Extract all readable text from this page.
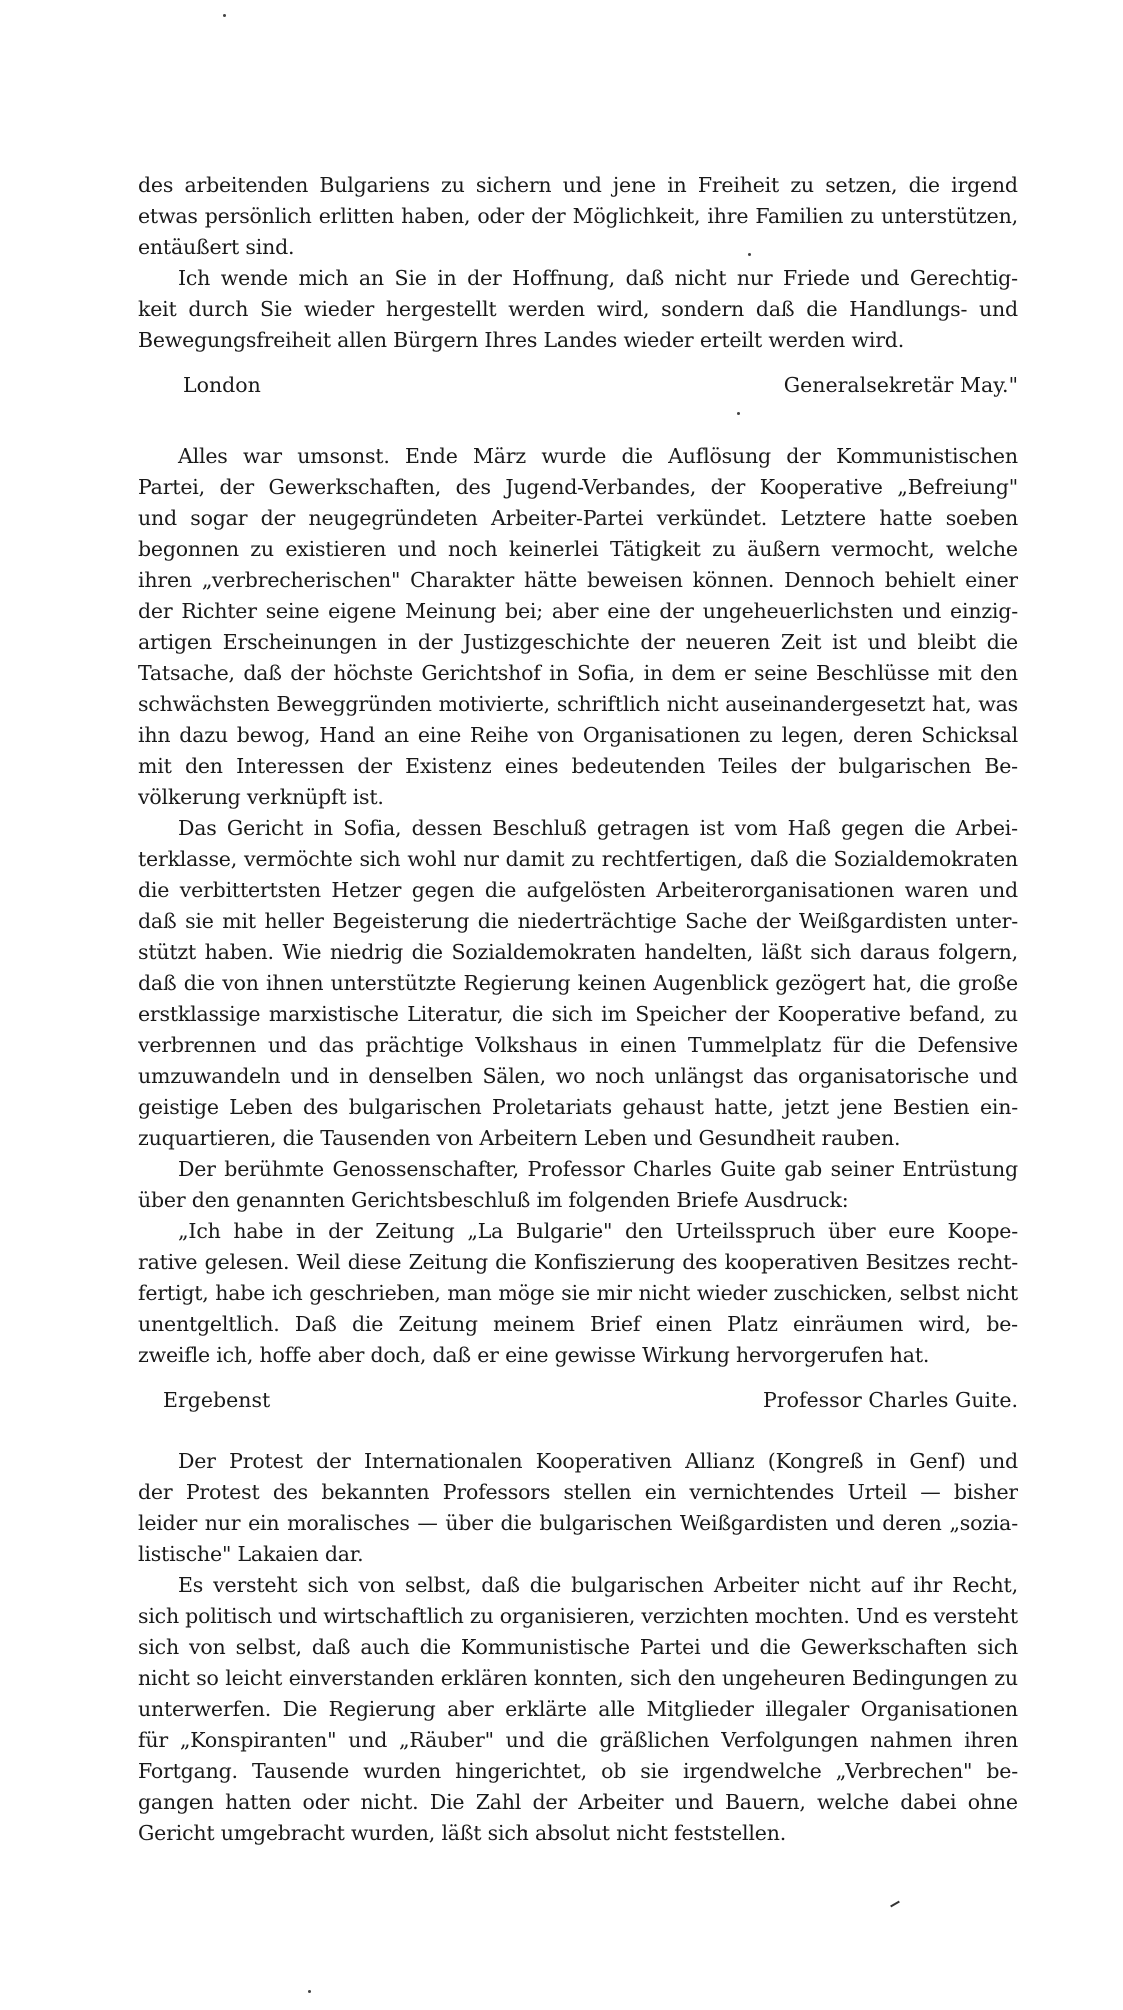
des arbeitenden Bulgariens zu sichern und jene in Freiheit zu setzen, die irgend
etwas persönlich erlitten haben, oder der Möglichkeit, ihre Familien zu unterstützen,
entäußert sind.
Ich wende mich an Sie in der Hoffnung, daß nicht nur Friede und Gerechtig-
keit durch Sie wieder hergestellt werden wird, sondern daß die Handlungs- und
Bewegungsfreiheit allen Bürgern Ihres Landes wieder erteilt werden wird.
London	Generalsekretär May."
Alles war umsonst. Ende März wurde die Auflösung der Kommunistischen
Partei, der Gewerkschaften, des Jugend-Verbandes, der Kooperative „Befreiung"
und sogar der neugegründeten Arbeiter-Partei verkündet. Letztere hatte soeben
begonnen zu existieren und noch keinerlei Tätigkeit zu äußern vermocht, welche
ihren „verbrecherischen" Charakter hätte beweisen können. Dennoch behielt einer
der Richter seine eigene Meinung bei; aber eine der ungeheuerlichsten und einzig-
artigen Erscheinungen in der Justizgeschichte der neueren Zeit ist und bleibt die
Tatsache, daß der höchste Gerichtshof in Sofia, in dem er seine Beschlüsse mit den
schwächsten Beweggründen motivierte, schriftlich nicht auseinandergesetzt hat, was
ihn dazu bewog, Hand an eine Reihe von Organisationen zu legen, deren Schicksal
mit den Interessen der Existenz eines bedeutenden Teiles der bulgarischen Be-
völkerung verknüpft ist.
Das Gericht in Sofia, dessen Beschluß getragen ist vom Haß gegen die Arbei-
terklasse, vermöchte sich wohl nur damit zu rechtfertigen, daß die Sozialdemokraten
die verbittertsten Hetzer gegen die aufgelösten Arbeiterorganisationen waren und
daß sie mit heller Begeisterung die niederträchtige Sache der Weißgardisten unter-
stützt haben. Wie niedrig die Sozialdemokraten handelten, läßt sich daraus folgern,
daß die von ihnen unterstützte Regierung keinen Augenblick gezögert hat, die große
erstklassige marxistische Literatur, die sich im Speicher der Kooperative befand, zu
verbrennen und das prächtige Volkshaus in einen Tummelplatz für die Defensive
umzuwandeln und in denselben Sälen, wo noch unlängst das organisatorische und
geistige Leben des bulgarischen Proletariats gehaust hatte, jetzt jene Bestien ein-
zuquartieren, die Tausenden von Arbeitern Leben und Gesundheit rauben.
Der berühmte Genossenschafter, Professor Charles Guite gab seiner Entrüstung
über den genannten Gerichtsbeschluß im folgenden Briefe Ausdruck:
„Ich habe in der Zeitung „La Bulgarie" den Urteilsspruch über eure Koope-
rative gelesen. Weil diese Zeitung die Konfiszierung des kooperativen Besitzes recht-
fertigt, habe ich geschrieben, man möge sie mir nicht wieder zuschicken, selbst nicht
unentgeltlich. Daß die Zeitung meinem Brief einen Platz einräumen wird, be-
zweifle ich, hoffe aber doch, daß er eine gewisse Wirkung hervorgerufen hat.
Ergebenst	Professor Charles Guite.
Der Protest der Internationalen Kooperativen Allianz (Kongreß in Genf) und
der Protest des bekannten Professors stellen ein vernichtendes Urteil — bisher
leider nur ein moralisches — über die bulgarischen Weißgardisten und deren „sozia-
listische" Lakaien dar.
Es versteht sich von selbst, daß die bulgarischen Arbeiter nicht auf ihr Recht,
sich politisch und wirtschaftlich zu organisieren, verzichten mochten. Und es versteht
sich von selbst, daß auch die Kommunistische Partei und die Gewerkschaften sich
nicht so leicht einverstanden erklären konnten, sich den ungeheuren Bedingungen zu
unterwerfen. Die Regierung aber erklärte alle Mitglieder illegaler Organisationen
für „Konspiranten" und „Räuber" und die gräßlichen Verfolgungen nahmen ihren
Fortgang. Tausende wurden hingerichtet, ob sie irgendwelche „Verbrechen" be-
gangen hatten oder nicht. Die Zahl der Arbeiter und Bauern, welche dabei ohne
Gericht umgebracht wurden, läßt sich absolut nicht feststellen.
